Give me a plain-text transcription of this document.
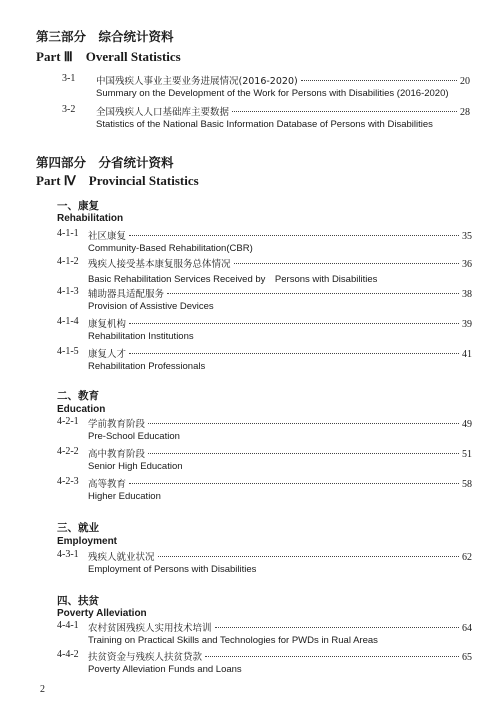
第三部分　综合统计资料
Part Ⅲ　Overall Statistics
3-1 中国残疾人事业主要业务进展情况(2016-2020)	20
Summary on the Development of the Work for Persons with Disabilities (2016-2020)
3-2 全国残疾人人口基础库主要数据	28
Statistics of the National Basic Information Database of Persons with Disabilities
第四部分　分省统计资料
Part Ⅳ　Provincial Statistics
一、康复
Rehabilitation
4-1-1 社区康复	35
Community-Based Rehabilitation(CBR)
4-1-2 残疾人接受基本康复服务总体情况	36
Basic Rehabilitation Services Received by　Persons with Disabilities
4-1-3 辅助器具适配服务	38
Provision of Assistive Devices
4-1-4 康复机构	39
Rehabilitation Institutions
4-1-5 康复人才	41
Rehabilitation Professionals
二、教育
Education
4-2-1 学前教育阶段	49
Pre-School Education
4-2-2 高中教育阶段	51
Senior High Education
4-2-3 高等教育	58
Higher Education
三、就业
Employment
4-3-1 残疾人就业状况	62
Employment of Persons with Disabilities
四、扶贫
Poverty Alleviation
4-4-1 农村贫困残疾人实用技术培训	64
Training on Practical Skills and Technologies for PWDs in Rual Areas
4-4-2 扶贫资金与残疾人扶贫贷款	65
Poverty Alleviation Funds and Loans
2
